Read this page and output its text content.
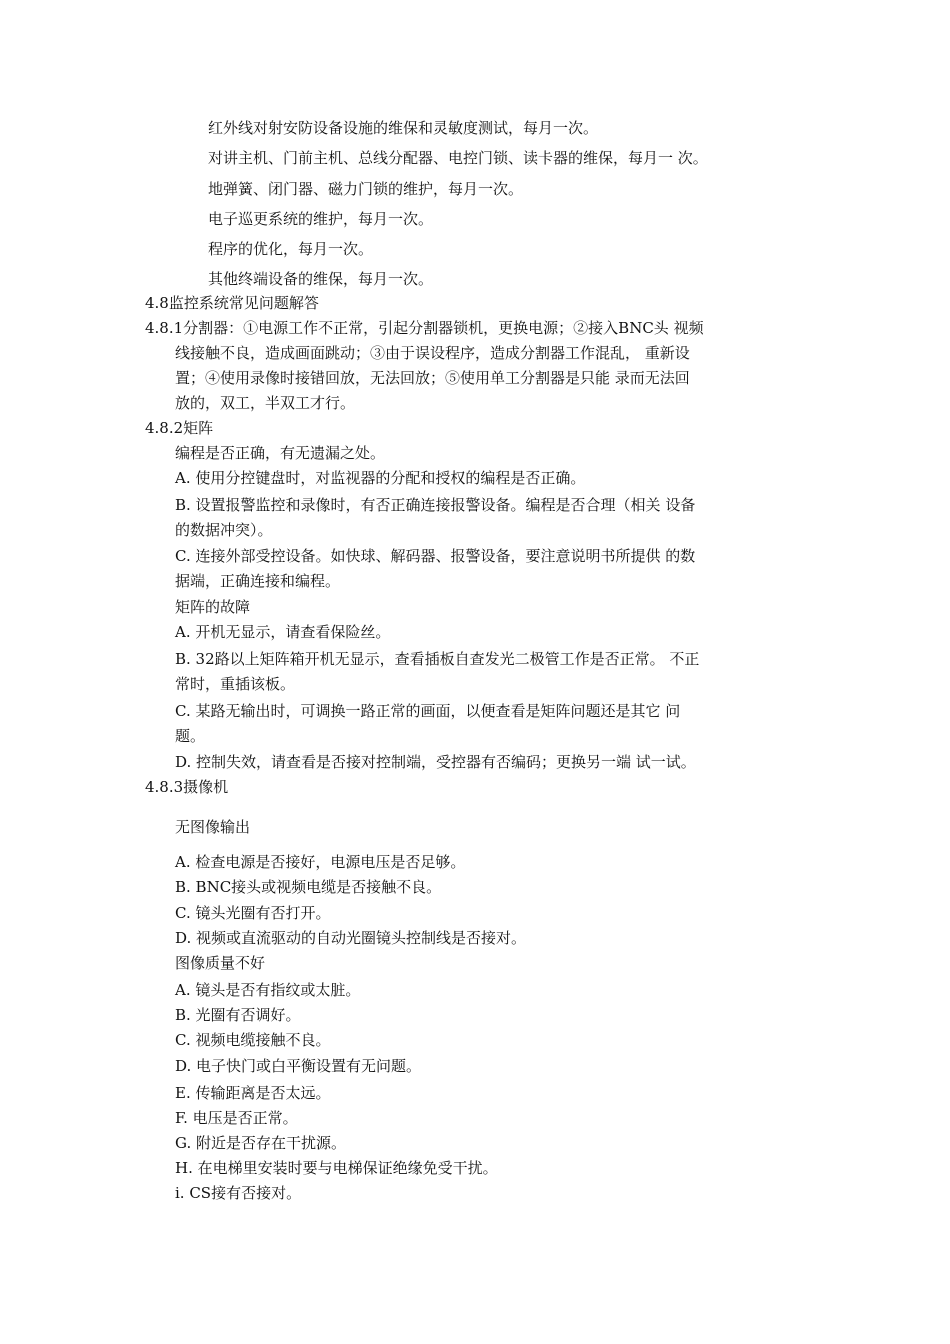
红外线对射安防设备设施的维保和灵敏度测试，每月一次。
对讲主机、门前主机、总线分配器、电控门锁、读卡器的维保，每月一 次。
地弹簧、闭门器、磁力门锁的维护，每月一次。
电子巡更系统的维护，每月一次。
程序的优化，每月一次。
其他终端设备的维保，每月一次。
4.8监控系统常见问题解答
4.8.1分割器：①电源工作不正常，引起分割器锁机，更换电源；②接入BNC头 视频
线接触不良，造成画面跳动；③由于误设程序，造成分割器工作混乱， 重新设
置；④使用录像时接错回放，无法回放；⑤使用单工分割器是只能 录而无法回
放的，双工，半双工才行。
4.8.2矩阵
编程是否正确，有无遗漏之处。
A. 使用分控键盘时，对监视器的分配和授权的编程是否正确。
B. 设置报警监控和录像时，有否正确连接报警设备。编程是否合理（相关 设备
的数据冲突）。
C. 连接外部受控设备。如快球、解码器、报警设备，要注意说明书所提供 的数
据端，正确连接和编程。
矩阵的故障
A. 开机无显示，请查看保险丝。
B. 32路以上矩阵箱开机无显示，查看插板自查发光二极管工作是否正常。 不正
常时，重插该板。
C. 某路无输出时，可调换一路正常的画面，以便查看是矩阵问题还是其它 问
题。
D. 控制失效，请查看是否接对控制端，受控器有否编码；更换另一端 试一试。
4.8.3摄像机
无图像输出
A. 检查电源是否接好，电源电压是否足够。
B. BNC接头或视频电缆是否接触不良。
C. 镜头光圈有否打开。
D. 视频或直流驱动的自动光圈镜头控制线是否接对。
图像质量不好
A. 镜头是否有指纹或太脏。
B. 光圈有否调好。
C. 视频电缆接触不良。
D. 电子快门或白平衡设置有无问题。
E. 传输距离是否太远。
F. 电压是否正常。
G. 附近是否存在干扰源。
H. 在电梯里安装时要与电梯保证绝缘免受干扰。
i. CS接有否接对。
